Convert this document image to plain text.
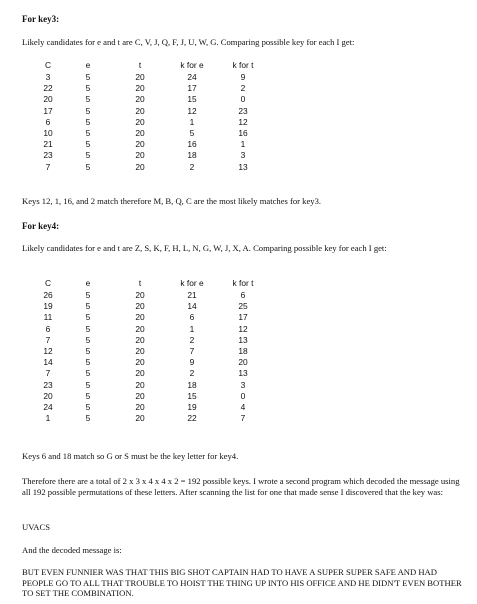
For key3:

Likely candidates for e and t are C, V, J, Q, F, J, U, W, G. Comparing possible key for each I get:

C	e	t	k for e	k for t
3	5	20	24	9
22	5	20	17	2
20	5	20	15	0
17	5	20	12	23
6	5	20	1	12
10	5	20	5	16
21	5	20	16	1
23	5	20	18	3
7	5	20	2	13

Keys 12, 1, 16, and 2 match therefore M, B, Q, C are the most likely matches for key3.

For key4:

Likely candidates for e and t are Z, S, K, F, H, L, N, G, W, J, X, A. Comparing possible key for each I get:

C	e	t	k for e	k for t
26	5	20	21	6
19	5	20	14	25
11	5	20	6	17
6	5	20	1	12
7	5	20	2	13
12	5	20	7	18
14	5	20	9	20
7	5	20	2	13
23	5	20	18	3
20	5	20	15	0
24	5	20	19	4
1	5	20	22	7

Keys 6 and 18 match so G or S must be the key letter for key4.

Therefore there are a total of 2 x 3 x 4 x 4 x 2 = 192 possible keys. I wrote a second program which decoded the message using all 192 possible permutations of these letters. After scanning the list for one that made sense I discovered that the key was:

UVACS

And the decoded message is:

BUT EVEN FUNNIER WAS THAT THIS BIG SHOT CAPTAIN HAD TO HAVE A SUPER SUPER SAFE AND HAD PEOPLE GO TO ALL THAT TROUBLE TO HOIST THE THING UP INTO HIS OFFICE AND HE DIDN'T EVEN BOTHER TO SET THE COMBINATION.
